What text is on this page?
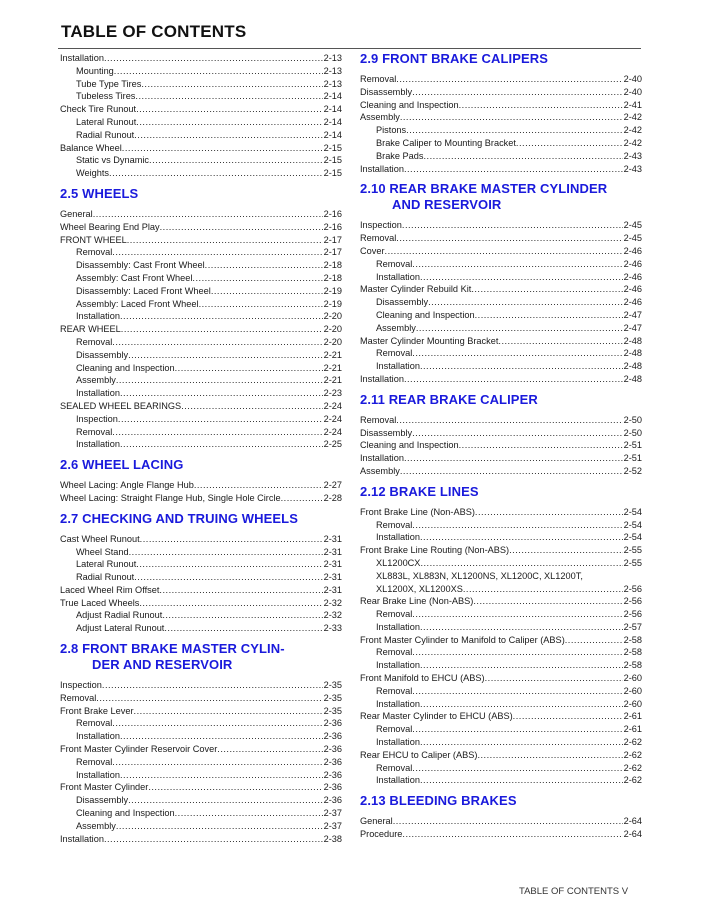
TABLE OF CONTENTS
Installation .....	2-13
Mounting .....	2-13
Tube Type Tires .....	2-13
Tubeless Tires .....	2-14
Check Tire Runout .....	2-14
Lateral Runout .....	2-14
Radial Runout .....	2-14
Balance Wheel .....	2-15
Static vs Dynamic .....	2-15
Weights .....	2-15
2.5 WHEELS
General .....	2-16
Wheel Bearing End Play .....	2-16
FRONT WHEEL .....	2-17
Removal .....	2-17
Disassembly: Cast Front Wheel .....	2-18
Assembly: Cast Front Wheel .....	2-18
Disassembly: Laced Front Wheel .....	2-19
Assembly: Laced Front Wheel .....	2-19
Installation .....	2-20
REAR WHEEL .....	2-20
Removal .....	2-20
Disassembly .....	2-21
Cleaning and Inspection .....	2-21
Assembly .....	2-21
Installation .....	2-23
SEALED WHEEL BEARINGS .....	2-24
Inspection .....	2-24
Removal .....	2-24
Installation .....	2-25
2.6 WHEEL LACING
Wheel Lacing: Angle Flange Hub .....	2-27
Wheel Lacing: Straight Flange Hub, Single Hole Circle .....	2-28
2.7 CHECKING AND TRUING WHEELS
Cast Wheel Runout .....	2-31
Wheel Stand .....	2-31
Lateral Runout .....	2-31
Radial Runout .....	2-31
Laced Wheel Rim Offset .....	2-31
True Laced Wheels .....	2-32
Adjust Radial Runout .....	2-32
Adjust Lateral Runout .....	2-33
2.8 FRONT BRAKE MASTER CYLIN-
DER AND RESERVOIR
Inspection .....	2-35
Removal .....	2-35
Front Brake Lever .....	2-35
Removal .....	2-36
Installation .....	2-36
Front Master Cylinder Reservoir Cover .....	2-36
Removal .....	2-36
Installation .....	2-36
Front Master Cylinder .....	2-36
Disassembly .....	2-36
Cleaning and Inspection .....	2-37
Assembly .....	2-37
Installation .....	2-38
2.9 FRONT BRAKE CALIPERS
Removal .....	2-40
Disassembly .....	2-40
Cleaning and Inspection .....	2-41
Assembly .....	2-42
Pistons .....	2-42
Brake Caliper to Mounting Bracket .....	2-42
Brake Pads .....	2-43
Installation .....	2-43
2.10 REAR BRAKE MASTER CYLINDER
AND RESERVOIR
Inspection .....	2-45
Removal .....	2-45
Cover .....	2-46
Removal .....	2-46
Installation .....	2-46
Master Cylinder Rebuild Kit .....	2-46
Disassembly .....	2-46
Cleaning and Inspection .....	2-47
Assembly .....	2-47
Master Cylinder Mounting Bracket .....	2-48
Removal .....	2-48
Installation .....	2-48
Installation .....	2-48
2.11 REAR BRAKE CALIPER
Removal .....	2-50
Disassembly .....	2-50
Cleaning and Inspection .....	2-51
Installation .....	2-51
Assembly .....	2-52
2.12 BRAKE LINES
Front Brake Line (Non-ABS) .....	2-54
Removal .....	2-54
Installation .....	2-54
Front Brake Line Routing (Non-ABS) .....	2-55
XL1200CX .....	2-55
XL883L, XL883N, XL1200NS, XL1200C, XL1200T,
XL1200X, XL1200XS .....	2-56
Rear Brake Line (Non-ABS) .....	2-56
Removal .....	2-56
Installation .....	2-57
Front Master Cylinder to Manifold to Caliper (ABS) .....	2-58
Removal .....	2-58
Installation .....	2-58
Front Manifold to EHCU (ABS) .....	2-60
Removal .....	2-60
Installation .....	2-60
Rear Master Cylinder to EHCU (ABS) .....	2-61
Removal .....	2-61
Installation .....	2-62
Rear EHCU to Caliper (ABS) .....	2-62
Removal .....	2-62
Installation .....	2-62
2.13 BLEEDING BRAKES
General .....	2-64
Procedure .....	2-64
TABLE OF CONTENTS V
